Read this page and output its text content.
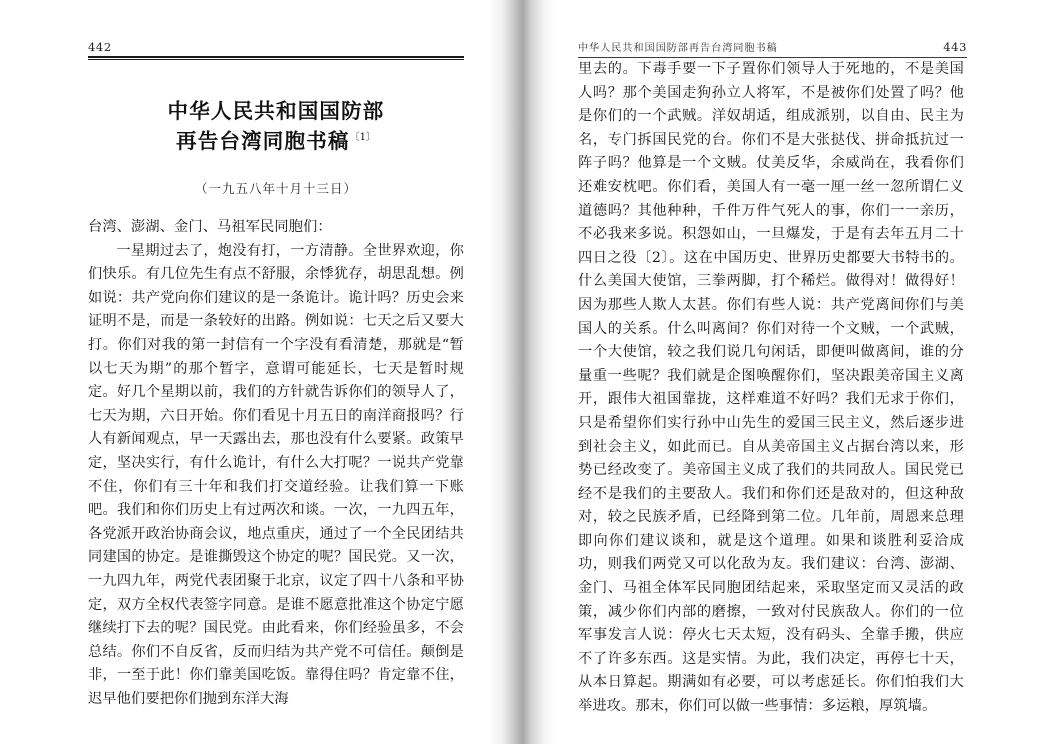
442
中华人民共和国国防部
再告台湾同胞书稿$^{〔1〕}$
（一九五八年十月十三日）

台湾、澎湖、金门、马祖军民同胞们：

一星期过去了，炮没有打，一方清静。全世界欢迎，你们快乐。有几位先生有点不舒服，余悸犹存，胡思乱想。例如说：共产党向你们建议的是一条诡计。诡计吗？历史会来证明不是，而是一条较好的出路。例如说：七天之后又要大打。你们对我的第一封信有一个字没有看清楚，那就是“暂以七天为期”的那个暂字，意谓可能延长，七天是暂时规定。好几个星期以前，我们的方针就告诉你们的领导人了，七天为期，六日开始。你们看见十月五日的南洋商报吗？行人有新闻观点，早一天露出去，那也没有什么要紧。政策早定，坚决实行，有什么诡计，有什么大打呢？一说共产党靠不住，你们有三十年和我们打交道经验。让我们算一下账吧。我们和你们历史上有过两次和谈。一次，一九四五年，各党派开政治协商会议，地点重庆，通过了一个全民团结共同建国的协定。是谁撕毁这个协定的呢？国民党。又一次，一九四九年，两党代表团聚于北京，议定了四十八条和平协定，双方全权代表签字同意。是谁不愿意批准这个协定宁愿继续打下去的呢？国民党。由此看来，你们经验虽多，不会总结。你们不自反省，反而归结为共产党不可信任。颠倒是非，一至于此！你们靠美国吃饭。靠得住吗？肯定靠不住，迟早他们要把你们抛到东洋大海

中华人民共和国国防部再告台湾同胞书稿	443

里去的。下毒手要一下子置你们领导人于死地的，不是美国人吗？那个美国走狗孙立人将军，不是被你们处置了吗？他是你们的一个武贼。洋奴胡适，组成派别，以自由、民主为名，专门拆国民党的台。你们不是大张挞伐、拼命抵抗过一阵子吗？他算是一个文贼。仗美反华，余威尚在，我看你们还难安枕吧。你们看，美国人有一毫一厘一丝一忽所谓仁义道德吗？其他种种，千件万件气死人的事，你们一一亲历，不必我来多说。积怨如山，一旦爆发，于是有去年五月二十四日之役〔2〕。这在中国历史、世界历史都要大书特书的。什么美国大使馆，三拳两脚，打个稀烂。做得对！做得好！因为那些人欺人太甚。你们有些人说：共产党离间你们与美国人的关系。什么叫离间？你们对待一个文贼，一个武贼，一个大使馆，较之我们说几句闲话，即便叫做离间，谁的分量重一些呢？我们就是企图唤醒你们，坚决跟美帝国主义离开，跟伟大祖国靠拢，这样难道不好吗？我们无求于你们，只是希望你们实行孙中山先生的爱国三民主义，然后逐步进到社会主义，如此而已。自从美帝国主义占据台湾以来，形势已经改变了。美帝国主义成了我们的共同敌人。国民党已经不是我们的主要敌人。我们和你们还是敌对的，但这种敌对，较之民族矛盾，已经降到第二位。几年前，周恩来总理即向你们建议谈和，就是这个道理。如果和谈胜利妥洽成功，则我们两党又可以化敌为友。我们建议：台湾、澎湖、金门、马祖全体军民同胞团结起来，采取坚定而又灵活的政策，减少你们内部的磨擦，一致对付民族敌人。你们的一位军事发言人说：停火七天太短，没有码头、全靠手搬，供应不了许多东西。这是实情。为此，我们决定，再停七十天，从本日算起。期满如有必要，可以考虑延长。你们怕我们大举进攻。那末，你们可以做一些事情：多运粮，厚筑墙。
